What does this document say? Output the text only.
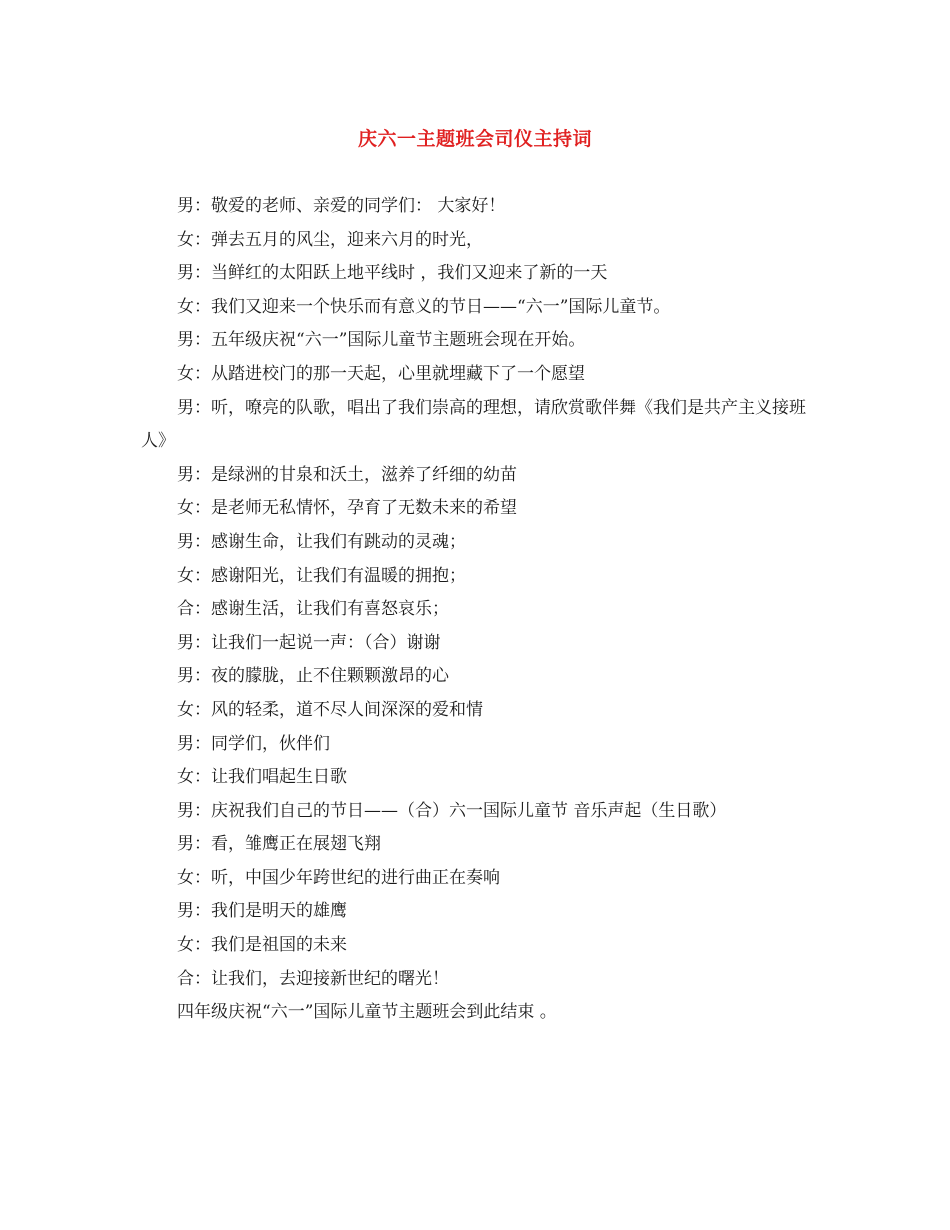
庆六一主题班会司仪主持词
男：敬爱的老师、亲爱的同学们： 大家好！
女：弹去五月的风尘，迎来六月的时光，
男：当鲜红的太阳跃上地平线时 ，我们又迎来了新的一天
女：我们又迎来一个快乐而有意义的节日——“六一”国际儿童节。
男：五年级庆祝“六一”国际儿童节主题班会现在开始。
女：从踏进校门的那一天起，心里就埋藏下了一个愿望
男：听，嘹亮的队歌，唱出了我们崇高的理想，请欣赏歌伴舞《我们是共产主义接班人》
男：是绿洲的甘泉和沃土，滋养了纤细的幼苗
女：是老师无私情怀，孕育了无数未来的希望
男：感谢生命，让我们有跳动的灵魂；
女：感谢阳光，让我们有温暖的拥抱；
合：感谢生活，让我们有喜怒哀乐；
男：让我们一起说一声：（合）谢谢
男：夜的朦胧，止不住颗颗激昂的心
女：风的轻柔，道不尽人间深深的爱和情
男：同学们，伙伴们
女：让我们唱起生日歌
男：庆祝我们自己的节日——（合）六一国际儿童节 音乐声起（生日歌）
男：看，雏鹰正在展翅飞翔
女：听，中国少年跨世纪的进行曲正在奏响
男：我们是明天的雄鹰
女：我们是祖国的未来
合：让我们，去迎接新世纪的曙光！
四年级庆祝“六一”国际儿童节主题班会到此结束 。
